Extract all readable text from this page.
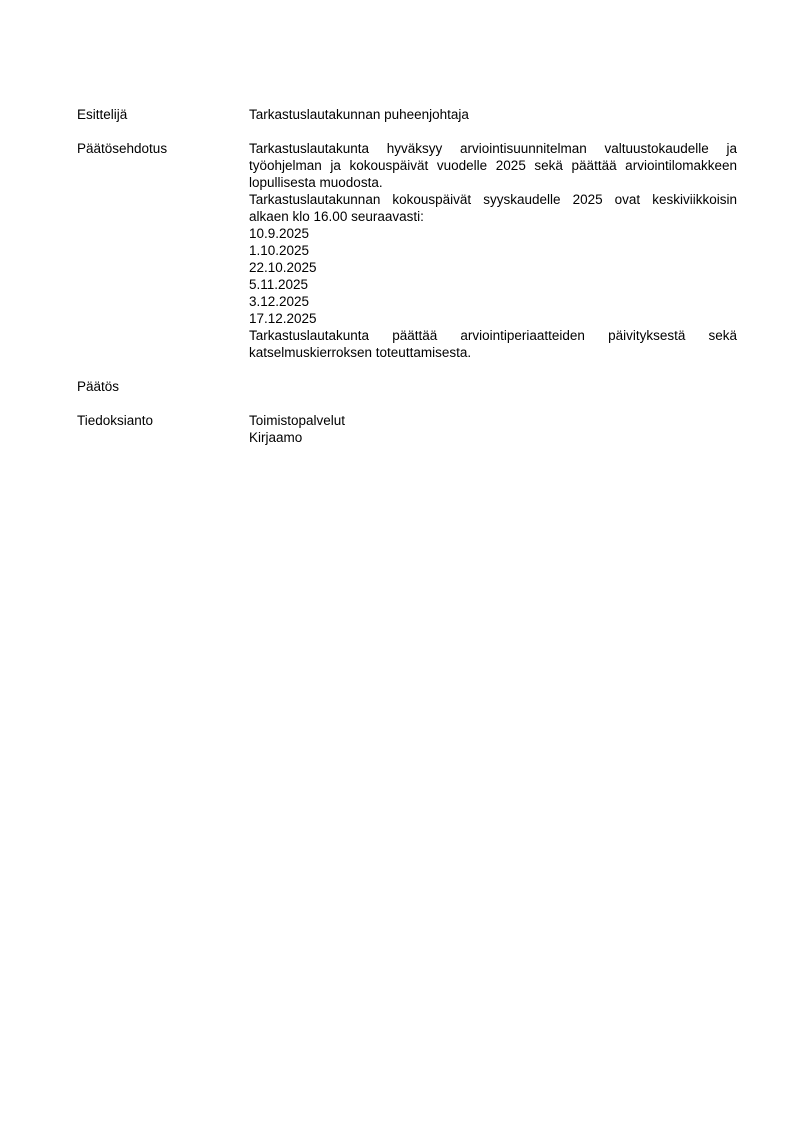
Esittelijä	Tarkastuslautakunnan puheenjohtaja
Päätösehdotus	Tarkastuslautakunta hyväksyy arviointisuunnitelman valtuustokaudelle ja työohjelman ja kokouspäivät vuodelle 2025 sekä päättää arviointilomakkeen lopullisesta muodosta.

Tarkastuslautakunnan kokouspäivät syyskaudelle 2025 ovat keskiviikkoisin alkaen klo 16.00 seuraavasti:

10.9.2025
1.10.2025
22.10.2025
5.11.2025
3.12.2025
17.12.2025

Tarkastuslautakunta päättää arviointiperiaatteiden päivityksestä sekä katselmuskierroksen toteuttamisesta.

Päätös
Tiedoksianto	Toimistopalvelut
Kirjaamo
